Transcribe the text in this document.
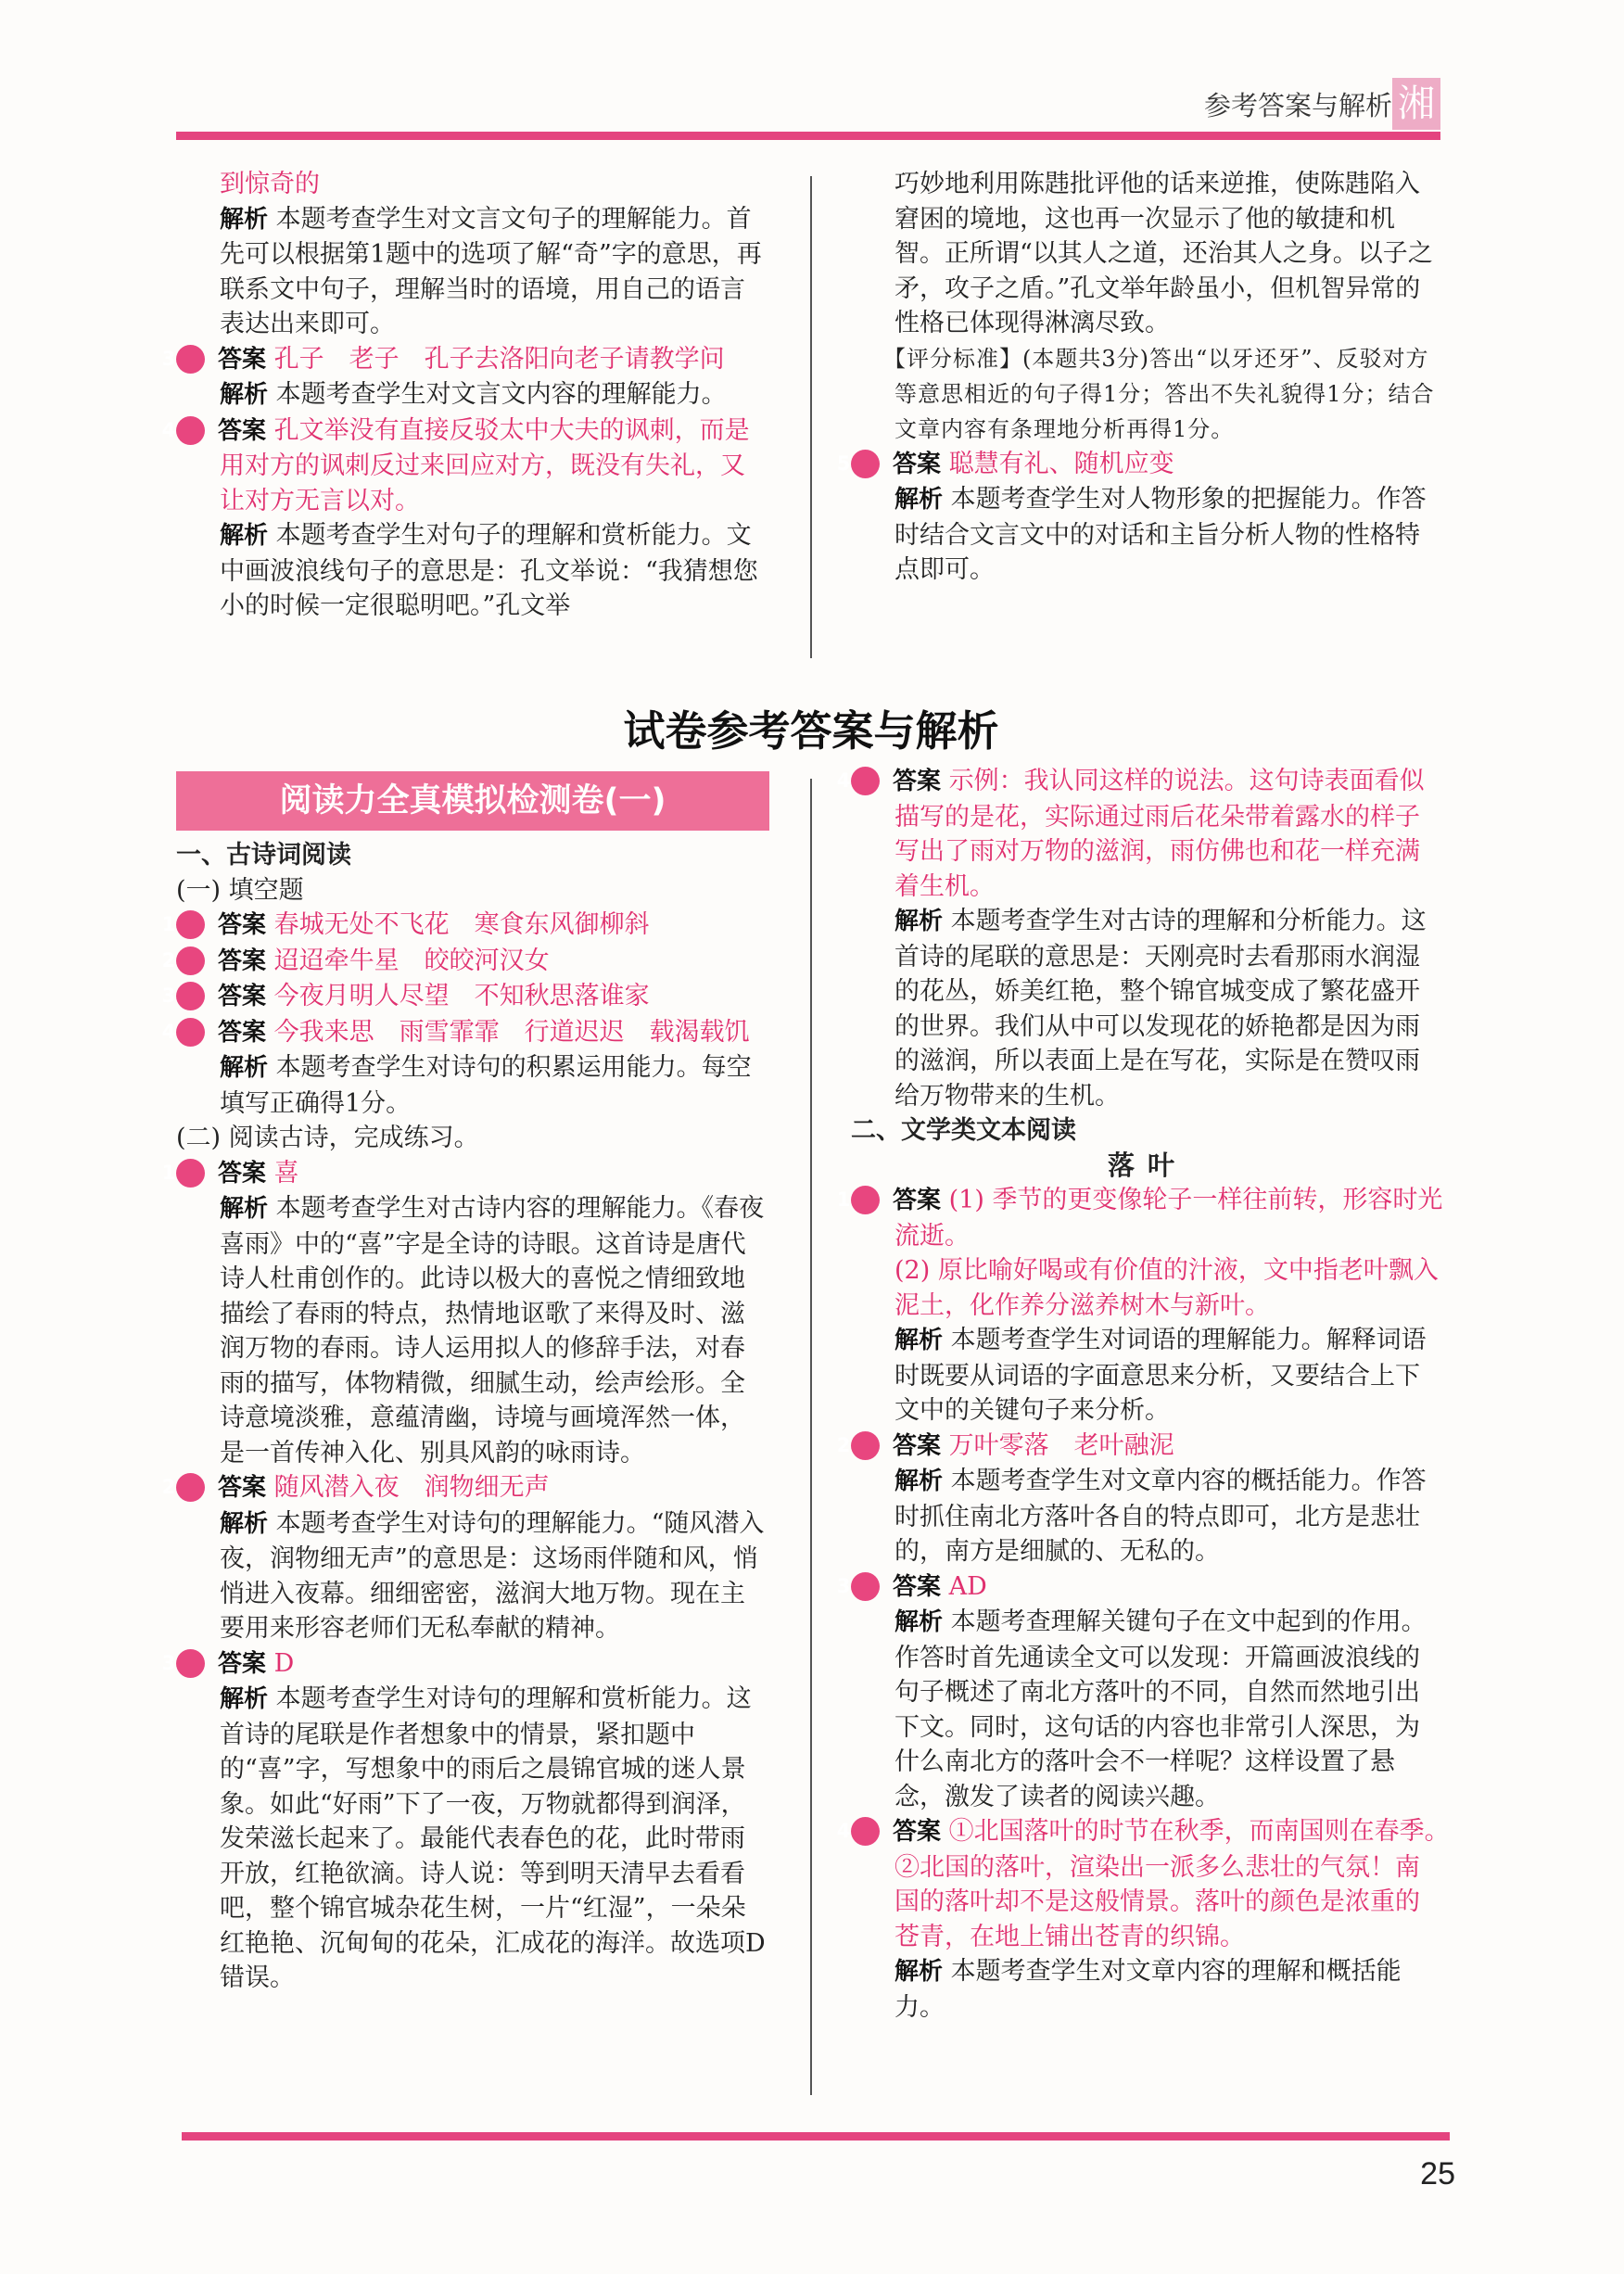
参考答案与解析 湘

到惊奇的

解析 本题考查学生对文言文句子的理解能力。首先可以根据第1题中的选项了解“奇”字的意思，再联系文中句子，理解当时的语境，用自己的语言表达出来即可。

3 答案 孔子　老子　孔子去洛阳向老子请教学问

解析 本题考查学生对文言文内容的理解能力。

4 答案 孔文举没有直接反驳太中大夫的讽刺，而是用对方的讽刺反过来回应对方，既没有失礼，又让对方无言以对。

解析 本题考查学生对句子的理解和赏析能力。文中画波浪线句子的意思是：孔文举说：“我猜想您小的时候一定很聪明吧。”孔文举

巧妙地利用陈韪批评他的话来逆推，使陈韪陷入窘困的境地，这也再一次显示了他的敏捷和机智。正所谓“以其人之道，还治其人之身。以子之矛，攻子之盾。”孔文举年龄虽小，但机智异常的性格已体现得淋漓尽致。

【评分标准】(本题共3分)答出“以牙还牙”、反驳对方等意思相近的句子得1分；答出不失礼貌得1分；结合文章内容有条理地分析再得1分。

5 答案 聪慧有礼、随机应变

解析 本题考查学生对人物形象的把握能力。作答时结合文言文中的对话和主旨分析人物的性格特点即可。

试卷参考答案与解析
阅读力全真模拟检测卷(一)

一、古诗词阅读

(一) 填空题

1 答案 春城无处不飞花　寒食东风御柳斜

2 答案 迢迢牵牛星　皎皎河汉女

3 答案 今夜月明人尽望　不知秋思落谁家

4 答案 今我来思　雨雪霏霏　行道迟迟　载渴载饥

解析 本题考查学生对诗句的积累运用能力。每空填写正确得1分。

(二) 阅读古诗，完成练习。

1 答案 喜

解析 本题考查学生对古诗内容的理解能力。《春夜喜雨》中的“喜”字是全诗的诗眼。这首诗是唐代诗人杜甫创作的。此诗以极大的喜悦之情细致地描绘了春雨的特点，热情地讴歌了来得及时、滋润万物的春雨。诗人运用拟人的修辞手法，对春雨的描写，体物精微，细腻生动，绘声绘形。全诗意境淡雅，意蕴清幽，诗境与画境浑然一体，是一首传神入化、别具风韵的咏雨诗。

2 答案 随风潜入夜　润物细无声

解析 本题考查学生对诗句的理解能力。“随风潜入夜，润物细无声”的意思是：这场雨伴随和风，悄悄进入夜幕。细细密密，滋润大地万物。现在主要用来形容老师们无私奉献的精神。

3 答案 D

解析 本题考查学生对诗句的理解和赏析能力。这首诗的尾联是作者想象中的情景，紧扣题中的“喜”字，写想象中的雨后之晨锦官城的迷人景象。如此“好雨”下了一夜，万物就都得到润泽，发荣滋长起来了。最能代表春色的花，此时带雨开放，红艳欲滴。诗人说：等到明天清早去看看吧，整个锦官城杂花生树，一片“红湿”，一朵朵红艳艳、沉甸甸的花朵，汇成花的海洋。故选项D错误。

4 答案 示例：我认同这样的说法。这句诗表面看似描写的是花，实际通过雨后花朵带着露水的样子写出了雨对万物的滋润，雨仿佛也和花一样充满着生机。

解析 本题考查学生对古诗的理解和分析能力。这首诗的尾联的意思是：天刚亮时去看那雨水润湿的花丛，娇美红艳，整个锦官城变成了繁花盛开的世界。我们从中可以发现花的娇艳都是因为雨的滋润，所以表面上是在写花，实际是在赞叹雨给万物带来的生机。

二、文学类文本阅读

落叶

1 答案 (1) 季节的更变像轮子一样往前转，形容时光流逝。

(2) 原比喻好喝或有价值的汁液，文中指老叶飘入泥土，化作养分滋养树木与新叶。

解析 本题考查学生对词语的理解能力。解释词语时既要从词语的字面意思来分析，又要结合上下文中的关键句子来分析。

2 答案 万叶零落　老叶融泥

解析 本题考查学生对文章内容的概括能力。作答时抓住南北方落叶各自的特点即可，北方是悲壮的，南方是细腻的、无私的。

3 答案 AD

解析 本题考查理解关键句子在文中起到的作用。作答时首先通读全文可以发现：开篇画波浪线的句子概述了南北方落叶的不同，自然而然地引出下文。同时，这句话的内容也非常引人深思，为什么南北方的落叶会不一样呢？这样设置了悬念，激发了读者的阅读兴趣。

4 答案 ①北国落叶的时节在秋季，而南国则在春季。　②北国的落叶，渲染出一派多么悲壮的气氛！南国的落叶却不是这般情景。落叶的颜色是浓重的苍青，在地上铺出苍青的织锦。

解析 本题考查学生对文章内容的理解和概括能力。

25
